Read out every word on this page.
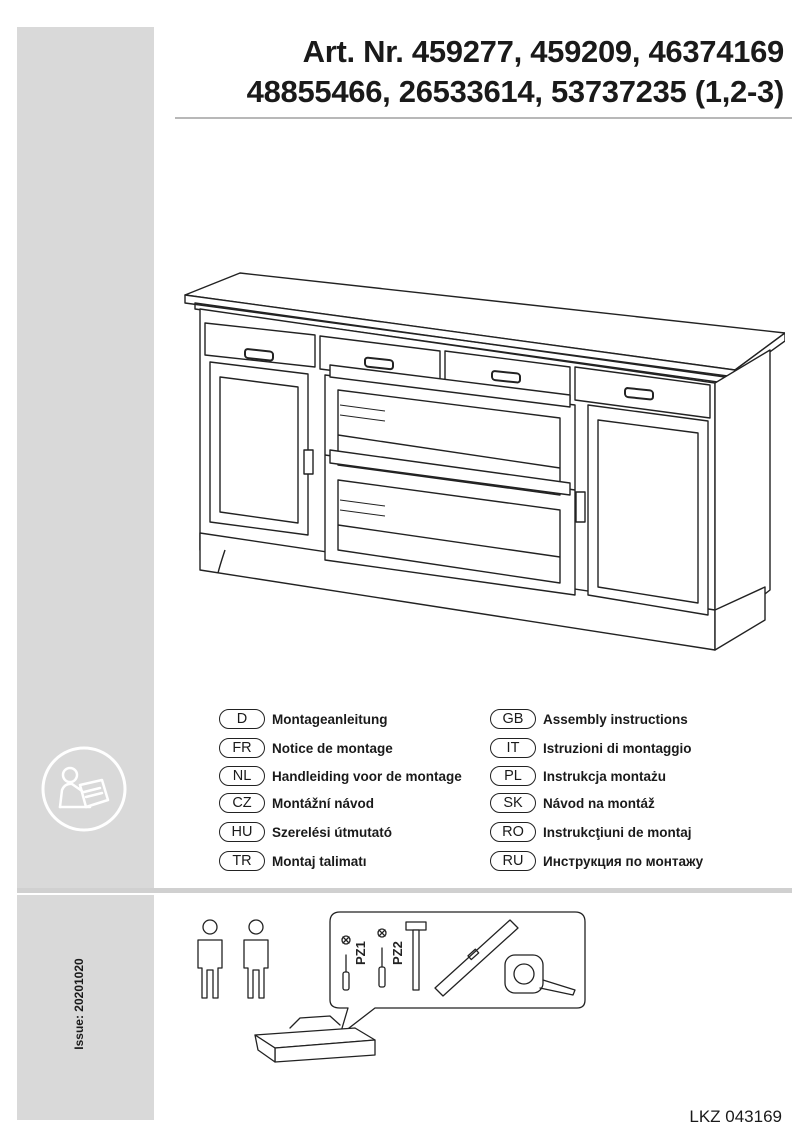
Art. Nr. 459277, 459209, 46374169
48855466, 26533614, 53737235 (1,2-3)
D	Montageanleitung
FR	Notice de montage
NL	Handleiding voor de montage
CZ	Montážní návod
HU	Szerelési útmutató
TR	Montaj talimatı
GB	Assembly instructions
IT	Istruzioni di montaggio
PL	Instrukcja montażu
SK	Návod na montáž
RO	Instrukcţiuni de montaj
RU	Инструкция по монтажу
Issue: 20201020
PZ1 PZ2
LKZ 043169
